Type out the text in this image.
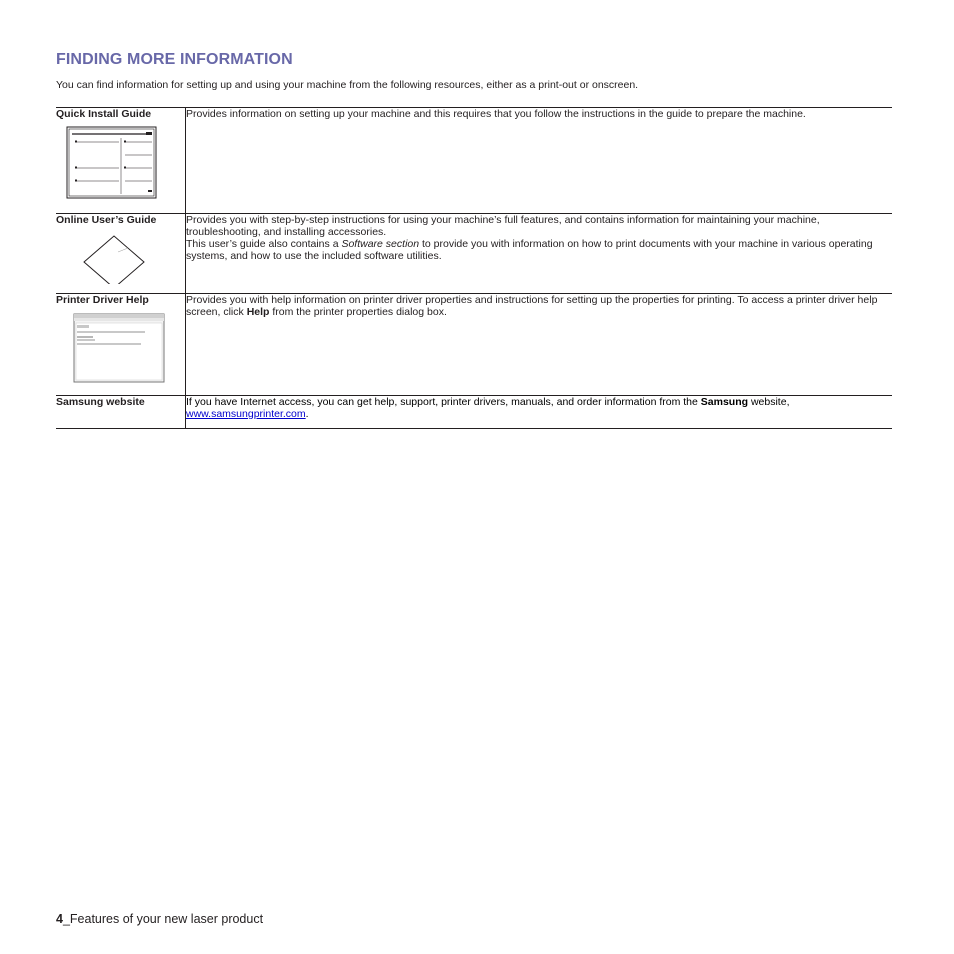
FINDING MORE INFORMATION

You can find information for setting up and using your machine from the following resources, either as a print-out or onscreen.

Quick Install Guide	Provides information on setting up your machine and this requires that you follow the instructions in the guide to prepare the machine.

Online User’s Guide	Provides you with step-by-step instructions for using your machine’s full features, and contains information for maintaining your machine, troubleshooting, and installing accessories.

This user’s guide also contains a Software section to provide you with information on how to print documents with your machine in various operating systems, and how to use the included software utilities.

Printer Driver Help	Provides you with help information on printer driver properties and instructions for setting up the properties for printing. To access a printer driver help screen, click Help from the printer properties dialog box.

Samsung website	If you have Internet access, you can get help, support, printer drivers, manuals, and order information from the Samsung website,
www.samsungprinter.com.

4_Features of your new laser product
